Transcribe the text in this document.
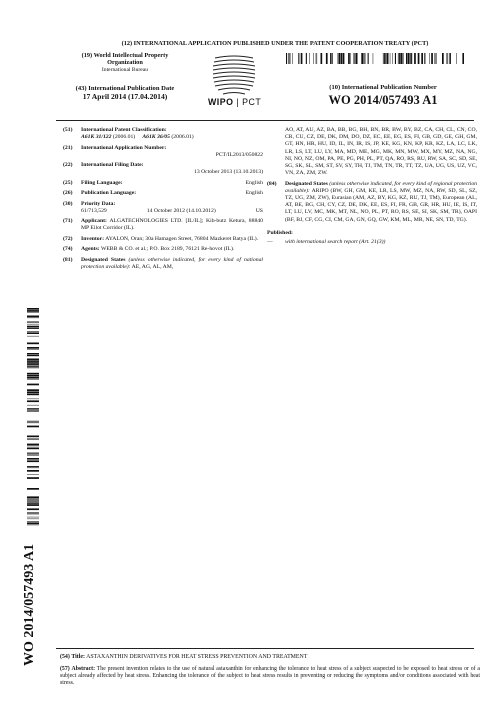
(12) INTERNATIONAL APPLICATION PUBLISHED UNDER THE PATENT COOPERATION TREATY (PCT)
(19) World Intellectual Property
Organization
International Bureau
WIPO | PCT
(43) International Publication Date
17 April 2014 (17.04.2014)
(10) International Publication Number
WO 2014/057493 A1
(51) International Patent Classification:
A61K 31/122 (2006.01) A61K 36/05 (2006.01)
(21) International Application Number:
PCT/IL2013/050822
(22) International Filing Date:
13 October 2013 (13.10.2013)
(25) Filing Language:	English
(26) Publication Language:	English
(30) Priority Data:
61/713,529	14 October 2012 (14.10.2012)	US
(71) Applicant: ALGATECHNOLOGIES LTD. [IL/IL]; Kib-butz Ketura, 88840 MP Eilot Corridor (IL).
(72) Inventor: AYALON, Oran; 30a Hamagen Street, 76804 Mazkeret Batya (IL).
(74) Agents: WEBB & CO. et al.; P.O. Box 2189, 76121 Re-hovot (IL).
(81) Designated States (unless otherwise indicated, for every kind of national protection available): AE, AG, AL, AM,
AO, AT, AU, AZ, BA, BB, BG, BH, BN, BR, BW, BY, BZ, CA, CH, CL, CN, CO, CR, CU, CZ, DE, DK, DM, DO, DZ, EC, EE, EG, ES, FI, GB, GD, GE, GH, GM, GT, HN, HR, HU, ID, IL, IN, IR, IS, JP, KE, KG, KN, KP, KR, KZ, LA, LC, LK, LR, LS, LT, LU, LY, MA, MD, ME, MG, MK, MN, MW, MX, MY, MZ, NA, NG, NI, NO, NZ, OM, PA, PE, PG, PH, PL, PT, QA, RO, RS, RU, RW, SA, SC, SD, SE, SG, SK, SL, SM, ST, SV, SY, TH, TJ, TM, TN, TR, TT, TZ, UA, UG, US, UZ, VC, VN, ZA, ZM, ZW.
(84) Designated States (unless otherwise indicated, for every kind of regional protection available): ARIPO (BW, GH, GM, KE, LR, LS, MW, MZ, NA, RW, SD, SL, SZ, TZ, UG, ZM, ZW), Eurasian (AM, AZ, BY, KG, KZ, RU, TJ, TM), European (AL, AT, BE, BG, CH, CY, CZ, DE, DK, EE, ES, FI, FR, GB, GR, HR, HU, IE, IS, IT, LT, LU, LV, MC, MK, MT, NL, NO, PL, PT, RO, RS, SE, SI, SK, SM, TR), OAPI (BF, BJ, CF, CG, CI, CM, GA, GN, GQ, GW, KM, ML, MR, NE, SN, TD, TG).
Published:
— with international search report (Art. 21(3))
WO 2014/057493 A1	(54) Title: ASTAXANTHIN DERIVATIVES FOR HEAT STRESS PREVENTION AND TREATMENT
(57) Abstract: The present invention relates to the use of natural astaxanthin for enhancing the tolerance to heat stress of a subject suspected to be exposed to heat stress or of a subject already affected by heat stress. Enhancing the tolerance of the subject to heat stress results in preventing or reducing the symptoms and/or conditions associated with heat stress.
